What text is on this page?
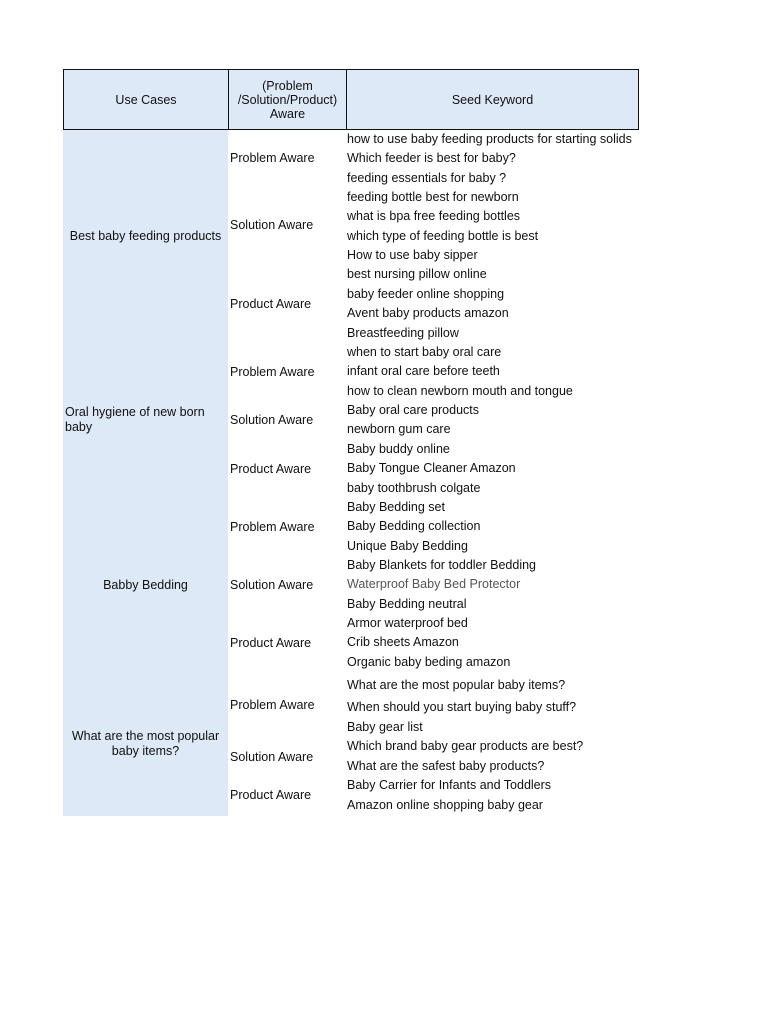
Use Cases
(Problem /Solution/Product) Aware
Seed Keyword
Best baby feeding products
Oral hygiene of new born baby
Babby Bedding
What are the most popular baby items?
Problem Aware
Solution Aware
Product Aware
Problem Aware
Solution Aware
Product Aware
Problem Aware
Solution Aware
Product Aware
Problem Aware
Solution Aware
Product Aware
how to use baby feeding products for starting solids
Which feeder is best for baby?
feeding essentials for baby ?
feeding bottle best for newborn
what is bpa free feeding bottles
which type of feeding bottle is best
How to use baby sipper
best nursing pillow online
baby feeder online shopping
Avent baby products amazon
Breastfeeding pillow
when to start baby oral care
infant oral care before teeth
how to clean newborn mouth and tongue
Baby oral care products
newborn gum care
Baby buddy online
Baby Tongue Cleaner Amazon
baby toothbrush colgate
Baby Bedding set
Baby Bedding collection
Unique Baby Bedding
Baby Blankets for toddler Bedding
Waterproof Baby Bed Protector
Baby Bedding neutral
Armor waterproof bed
Crib sheets Amazon
Organic baby beding amazon
What are the most popular baby items?
When should you start buying baby stuff?
Baby gear list
Which brand baby gear products are best?
What are the safest baby products?
Baby Carrier for Infants and Toddlers
Amazon online shopping baby gear
